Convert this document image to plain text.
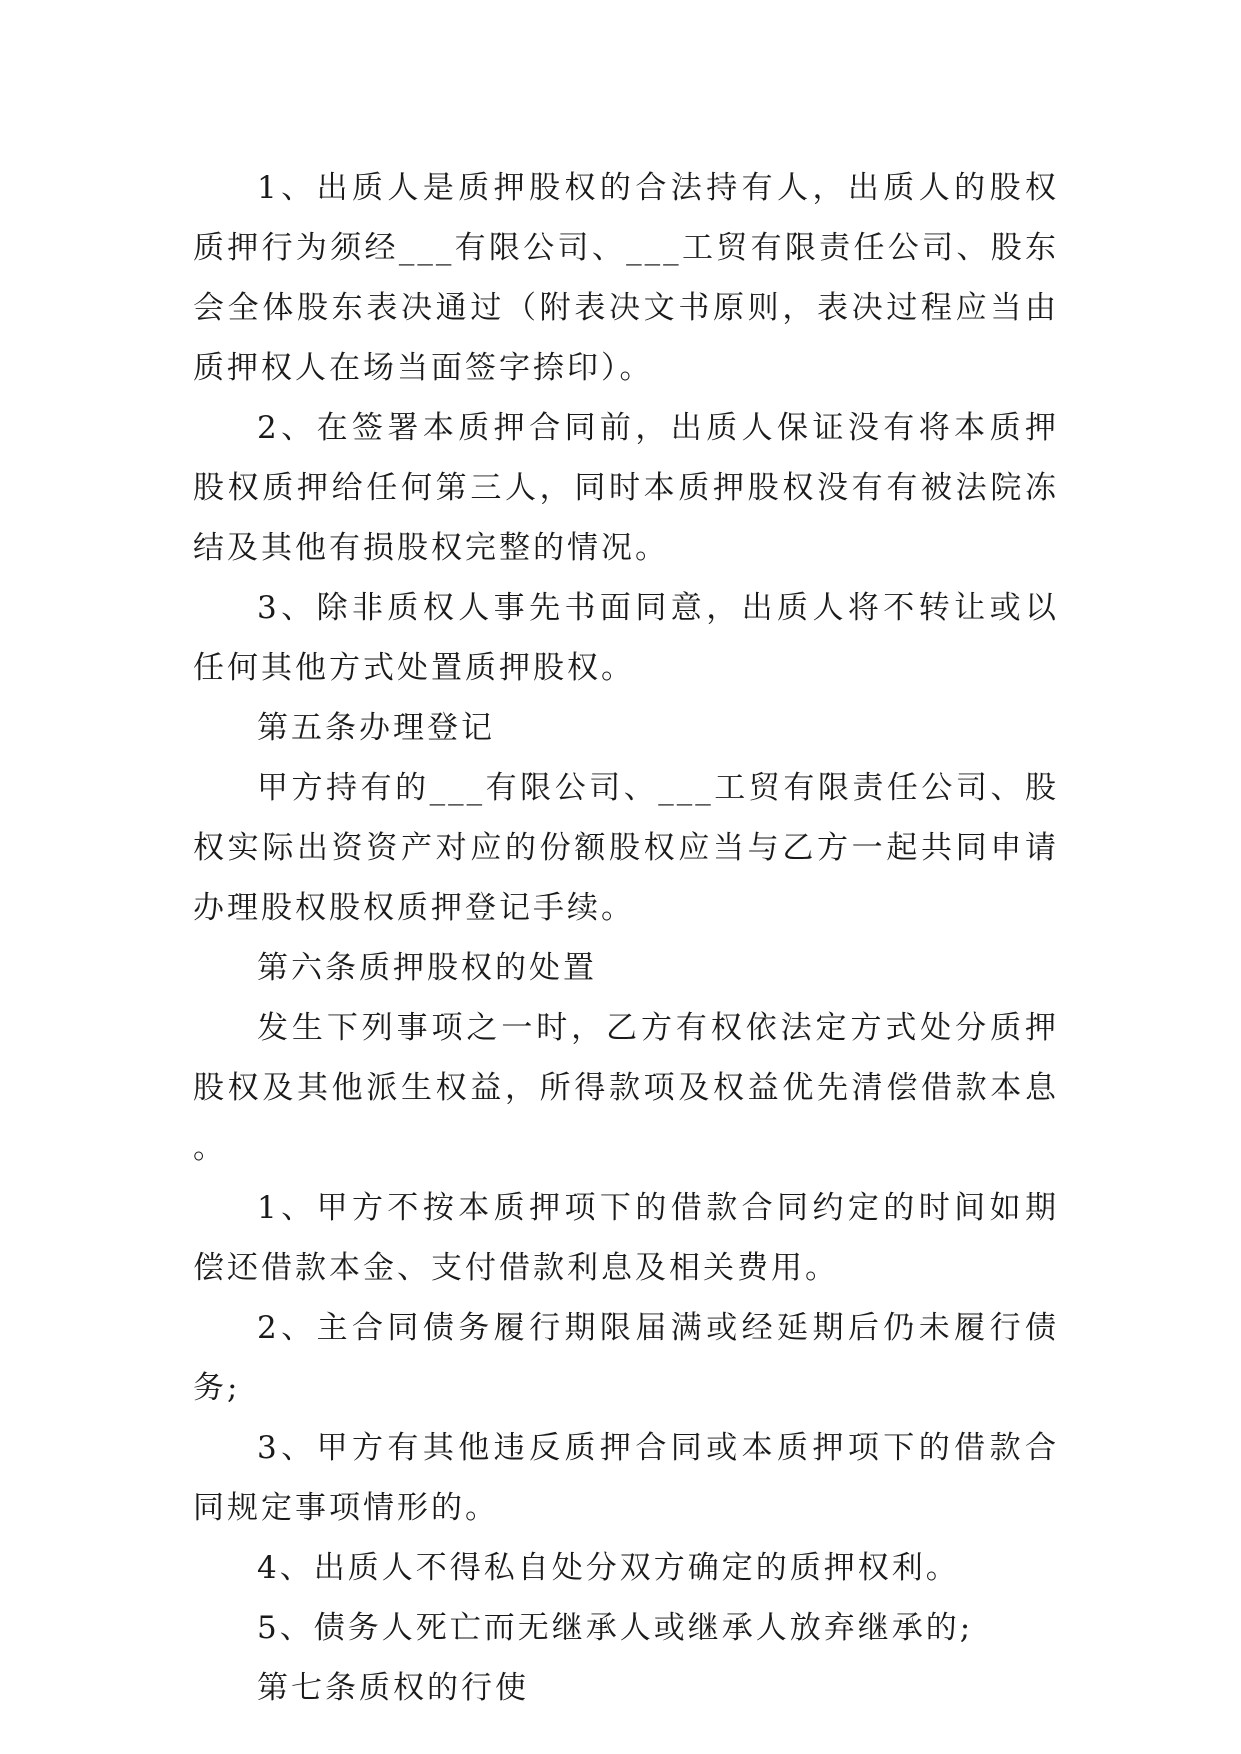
1、出质人是质押股权的合法持有人，出质人的股权质押行为须经___有限公司、___工贸有限责任公司、股东会全体股东表决通过（附表决文书原则，表决过程应当由质押权人在场当面签字捺印）。

2、在签署本质押合同前，出质人保证没有将本质押股权质押给任何第三人，同时本质押股权没有有被法院冻结及其他有损股权完整的情况。

3、除非质权人事先书面同意，出质人将不转让或以任何其他方式处置质押股权。

第五条办理登记

甲方持有的___有限公司、___工贸有限责任公司、股权实际出资资产对应的份额股权应当与乙方一起共同申请办理股权股权质押登记手续。

第六条质押股权的处置

发生下列事项之一时，乙方有权依法定方式处分质押股权及其他派生权益，所得款项及权益优先清偿借款本息。

1、甲方不按本质押项下的借款合同约定的时间如期偿还借款本金、支付借款利息及相关费用。

2、主合同债务履行期限届满或经延期后仍未履行债务;

3、甲方有其他违反质押合同或本质押项下的借款合同规定事项情形的。

4、出质人不得私自处分双方确定的质押权利。

5、债务人死亡而无继承人或继承人放弃继承的;

第七条质权的行使
